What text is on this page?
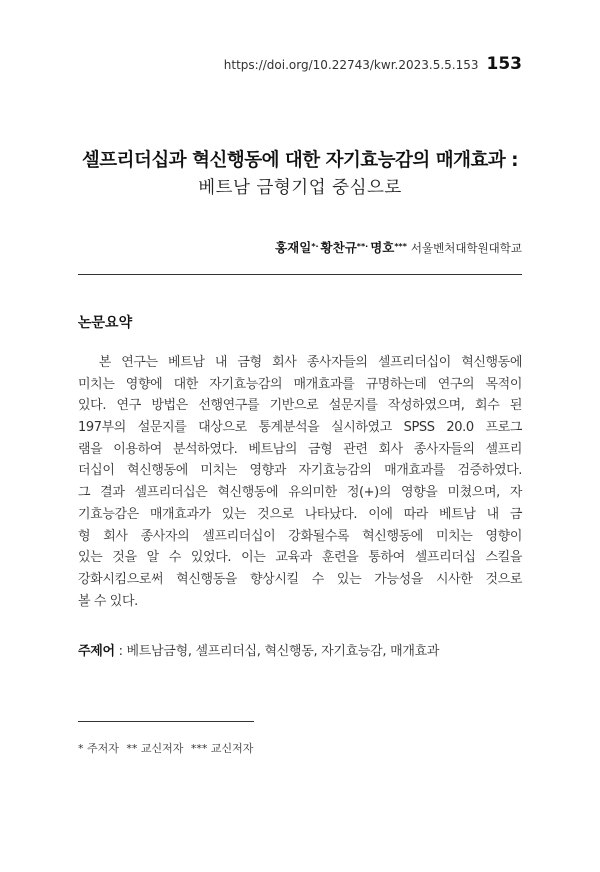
https://doi.org/10.22743/kwr.2023.5.5.153 153
셀프리더십과 혁신행동에 대한 자기효능감의 매개효과 :
베트남 금형기업 중심으로
홍재일*· 황찬규**· 명호*** 서울벤처대학원대학교
논문요약
본 연구는 베트남 내 금형 회사 종사자들의 셀프리더십이 혁신행동에
미치는 영향에 대한 자기효능감의 매개효과를 규명하는데 연구의 목적이
있다. 연구 방법은 선행연구를 기반으로 설문지를 작성하였으며, 회수 된
197부의 설문지를 대상으로 통계분석을 실시하였고 SPSS 20.0 프로그
램을 이용하여 분석하였다. 베트남의 금형 관련 회사 종사자들의 셀프리
더십이 혁신행동에 미치는 영향과 자기효능감의 매개효과를 검증하였다.
그 결과 셀프리더십은 혁신행동에 유의미한 정(+)의 영향을 미쳤으며, 자
기효능감은 매개효과가 있는 것으로 나타났다. 이에 따라 베트남 내 금
형 회사 종사자의 셀프리더십이 강화될수록 혁신행동에 미치는 영향이
있는 것을 알 수 있었다. 이는 교육과 훈련을 통하여 셀프리더십 스킬을
강화시킴으로써 혁신행동을 향상시킬 수 있는 가능성을 시사한 것으로
볼 수 있다.
주제어 : 베트남금형, 셀프리더십, 혁신행동, 자기효능감, 매개효과
* 주저자 ** 교신저자 *** 교신저자
